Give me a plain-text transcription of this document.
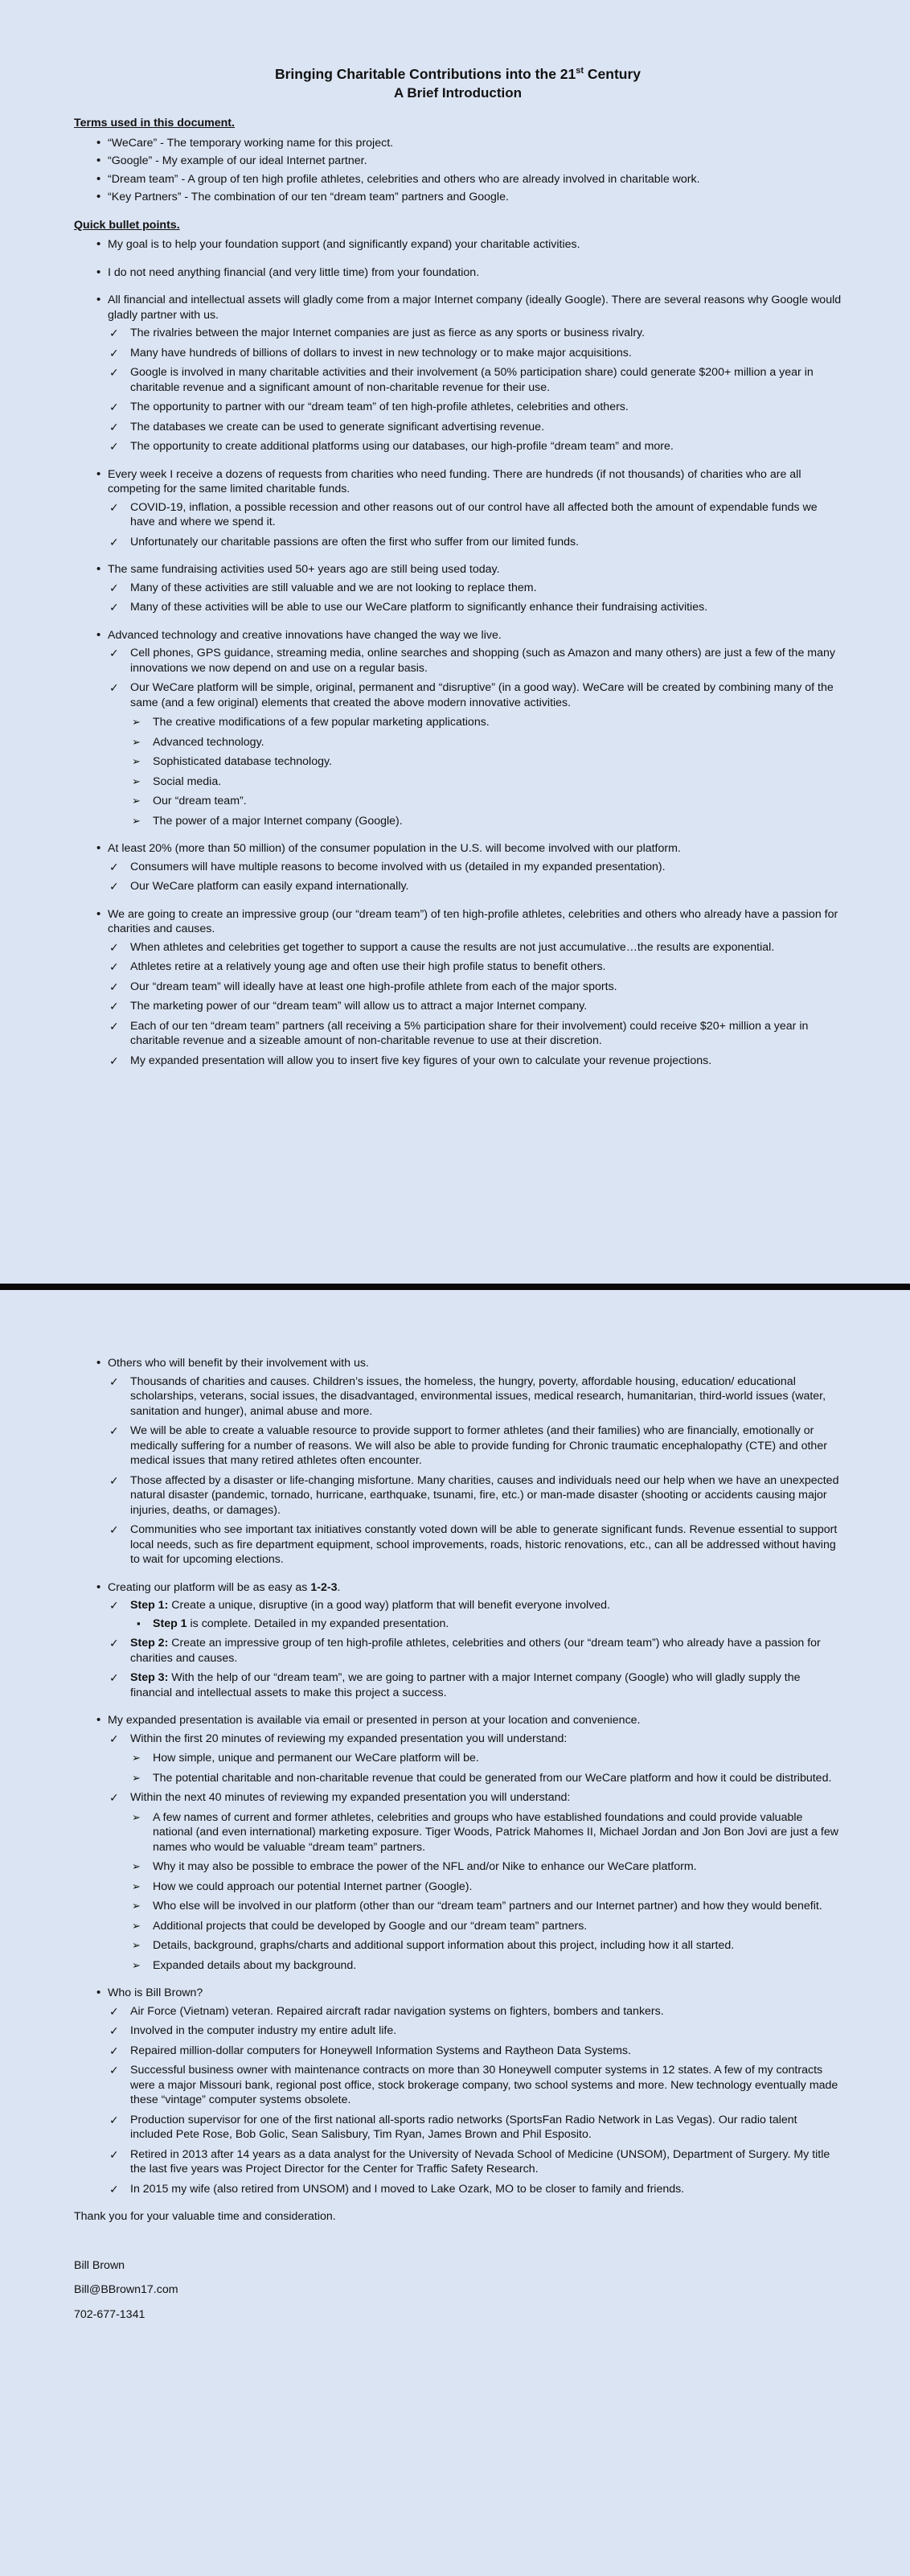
Bringing Charitable Contributions into the 21st Century
A Brief Introduction
Terms used in this document.
• “WeCare” - The temporary working name for this project.
• “Google” - My example of our ideal Internet partner.
• “Dream team” - A group of ten high profile athletes, celebrities and others who are already involved in charitable work.
• “Key Partners” - The combination of our ten “dream team” partners and Google.
Quick bullet points.
• My goal is to help your foundation support (and significantly expand) your charitable activities.
• I do not need anything financial (and very little time) from your foundation.
• All financial and intellectual assets will gladly come from a major Internet company (ideally Google). There are several reasons why Google would gladly partner with us.
✓ The rivalries between the major Internet companies are just as fierce as any sports or business rivalry.
✓ Many have hundreds of billions of dollars to invest in new technology or to make major acquisitions.
✓ Google is involved in many charitable activities and their involvement (a 50% participation share) could generate $200+ million a year in charitable revenue and a significant amount of non-charitable revenue for their use.
✓ The opportunity to partner with our “dream team” of ten high-profile athletes, celebrities and others.
✓ The databases we create can be used to generate significant advertising revenue.
✓ The opportunity to create additional platforms using our databases, our high-profile “dream team” and more.
• Every week I receive a dozens of requests from charities who need funding. There are hundreds (if not thousands) of charities who are all competing for the same limited charitable funds.
✓ COVID-19, inflation, a possible recession and other reasons out of our control have all affected both the amount of expendable funds we have and where we spend it.
✓ Unfortunately our charitable passions are often the first who suffer from our limited funds.
• The same fundraising activities used 50+ years ago are still being used today.
✓ Many of these activities are still valuable and we are not looking to replace them.
✓ Many of these activities will be able to use our WeCare platform to significantly enhance their fundraising activities.
• Advanced technology and creative innovations have changed the way we live.
✓ Cell phones, GPS guidance, streaming media, online searches and shopping (such as Amazon and many others) are just a few of the many innovations we now depend on and use on a regular basis.
✓ Our WeCare platform will be simple, original, permanent and “disruptive” (in a good way). WeCare will be created by combining many of the same (and a few original) elements that created the above modern innovative activities.
➢ The creative modifications of a few popular marketing applications.
➢ Advanced technology.
➢ Sophisticated database technology.
➢ Social media.
➢ Our “dream team”.
➢ The power of a major Internet company (Google).
• At least 20% (more than 50 million) of the consumer population in the U.S. will become involved with our platform.
✓ Consumers will have multiple reasons to become involved with us (detailed in my expanded presentation).
✓ Our WeCare platform can easily expand internationally.
• We are going to create an impressive group (our “dream team”) of ten high-profile athletes, celebrities and others who already have a passion for charities and causes.
✓ When athletes and celebrities get together to support a cause the results are not just accumulative…the results are exponential.
✓ Athletes retire at a relatively young age and often use their high profile status to benefit others.
✓ Our “dream team” will ideally have at least one high-profile athlete from each of the major sports.
✓ The marketing power of our “dream team” will allow us to attract a major Internet company.
✓ Each of our ten “dream team” partners (all receiving a 5% participation share for their involvement) could receive $20+ million a year in charitable revenue and a sizeable amount of non-charitable revenue to use at their discretion.
✓ My expanded presentation will allow you to insert five key figures of your own to calculate your revenue projections.
• Others who will benefit by their involvement with us.
✓ Thousands of charities and causes. Children’s issues, the homeless, the hungry, poverty, affordable housing, education/ educational scholarships, veterans, social issues, the disadvantaged, environmental issues, medical research, humanitarian, third-world issues (water, sanitation and hunger), animal abuse and more.
✓ We will be able to create a valuable resource to provide support to former athletes (and their families) who are financially, emotionally or medically suffering for a number of reasons. We will also be able to provide funding for Chronic traumatic encephalopathy (CTE) and other medical issues that many retired athletes often encounter.
✓ Those affected by a disaster or life-changing misfortune. Many charities, causes and individuals need our help when we have an unexpected natural disaster (pandemic, tornado, hurricane, earthquake, tsunami, fire, etc.) or man-made disaster (shooting or accidents causing major injuries, deaths, or damages).
✓ Communities who see important tax initiatives constantly voted down will be able to generate significant funds. Revenue essential to support local needs, such as fire department equipment, school improvements, roads, historic renovations, etc., can all be addressed without having to wait for upcoming elections.
• Creating our platform will be as easy as 1-2-3.
✓ Step 1: Create a unique, disruptive (in a good way) platform that will benefit everyone involved.
▪ Step 1 is complete. Detailed in my expanded presentation.
✓ Step 2: Create an impressive group of ten high-profile athletes, celebrities and others (our “dream team”) who already have a passion for charities and causes.
✓ Step 3: With the help of our “dream team”, we are going to partner with a major Internet company (Google) who will gladly supply the financial and intellectual assets to make this project a success.
• My expanded presentation is available via email or presented in person at your location and convenience.
✓ Within the first 20 minutes of reviewing my expanded presentation you will understand:
➢ How simple, unique and permanent our WeCare platform will be.
➢ The potential charitable and non-charitable revenue that could be generated from our WeCare platform and how it could be distributed.
✓ Within the next 40 minutes of reviewing my expanded presentation you will understand:
➢ A few names of current and former athletes, celebrities and groups who have established foundations and could provide valuable national (and even international) marketing exposure. Tiger Woods, Patrick Mahomes II, Michael Jordan and Jon Bon Jovi are just a few names who would be valuable “dream team” partners.
➢ Why it may also be possible to embrace the power of the NFL and/or Nike to enhance our WeCare platform.
➢ How we could approach our potential Internet partner (Google).
➢ Who else will be involved in our platform (other than our “dream team” partners and our Internet partner) and how they would benefit.
➢ Additional projects that could be developed by Google and our “dream team” partners.
➢ Details, background, graphs/charts and additional support information about this project, including how it all started.
➢ Expanded details about my background.
• Who is Bill Brown?
✓ Air Force (Vietnam) veteran. Repaired aircraft radar navigation systems on fighters, bombers and tankers.
✓ Involved in the computer industry my entire adult life.
✓ Repaired million-dollar computers for Honeywell Information Systems and Raytheon Data Systems.
✓ Successful business owner with maintenance contracts on more than 30 Honeywell computer systems in 12 states. A few of my contracts were a major Missouri bank, regional post office, stock brokerage company, two school systems and more. New technology eventually made these “vintage” computer systems obsolete.
✓ Production supervisor for one of the first national all-sports radio networks (SportsFan Radio Network in Las Vegas). Our radio talent included Pete Rose, Bob Golic, Sean Salisbury, Tim Ryan, James Brown and Phil Esposito.
✓ Retired in 2013 after 14 years as a data analyst for the University of Nevada School of Medicine (UNSOM), Department of Surgery. My title the last five years was Project Director for the Center for Traffic Safety Research.
✓ In 2015 my wife (also retired from UNSOM) and I moved to Lake Ozark, MO to be closer to family and friends.
Thank you for your valuable time and consideration.
Bill Brown
Bill@BBrown17.com
702-677-1341
